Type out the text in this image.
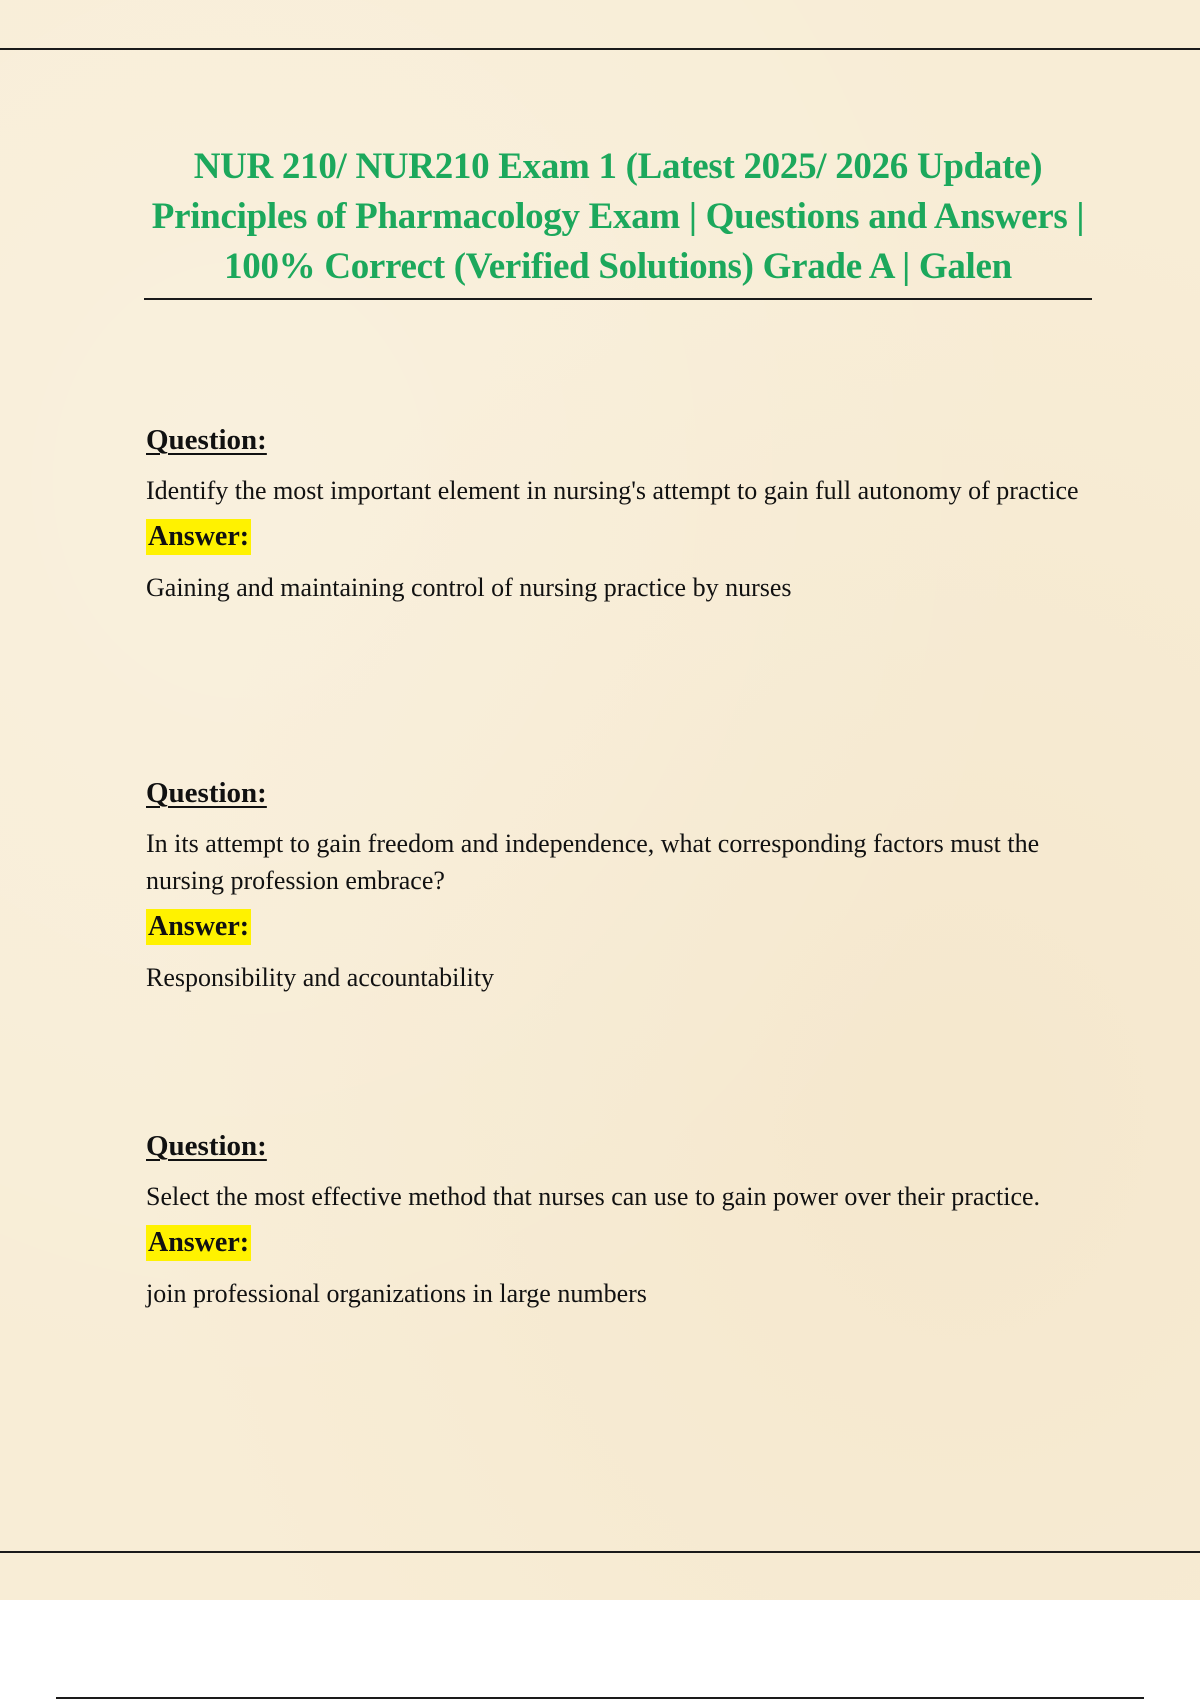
NUR 210/ NUR210 Exam 1 (Latest 2025/ 2026 Update) Principles of Pharmacology Exam | Questions and Answers | 100% Correct (Verified Solutions) Grade A | Galen
Question:

Identify the most important element in nursing's attempt to gain full autonomy of practice

Answer:

Gaining and maintaining control of nursing practice by nurses

Question:

In its attempt to gain freedom and independence, what corresponding factors must the nursing profession embrace?

Answer:

Responsibility and accountability

Question:

Select the most effective method that nurses can use to gain power over their practice.

Answer:

join professional organizations in large numbers
